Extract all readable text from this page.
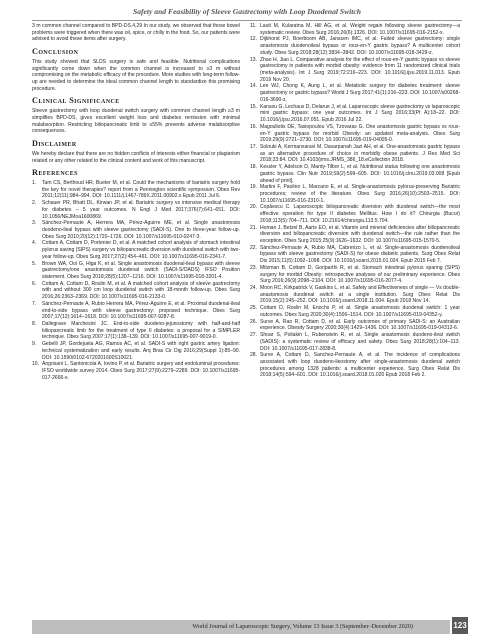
Safety and Feasibility of Sleeve Gastrectomy with Loop Duodenal Switch

3 m common channel compared to BPD-DS.4,29 In our study, we observed that those bowel problems were triggered when there was oil, spice, or chilly in the food. So, our patients were advised to avoid these items after surgery.

Conclusion

This study showed that SLDS surgery is safe and feasible. Nutritional complications significantly come down when the common channel is increased to ≥3 m without compromising on the metabolic efficacy of the procedure. More studies with long-term follow-up are needed to determine the ideal common channel length to standardize this promising procedure.

Clinical Significance

Sleeve gastrectomy with loop duodenal switch surgery with common channel length ≥3 m simplifies BPD-DS, gives excellent weight loss and diabetes remission with minimal malabsorption. Restricting biliopancreatic limb to ≤55% prevents adverse malabsorptive consequences.

Disclaimer

We hereby declare that there are no hidden conflicts of interests either financial or plagiarism related or any other related to the clinical content and work of this manuscript.

References
1.	Tam CS, Berthoud HR, Bueter M, et al. Could the mechanisms of bariatric surgery hold the key for novel therapies? report from a Pennington scientific symposium. Obes Rev 2011;12(11):984–994. DOI: 10.1111/j.1467-789X.2011.00902.x Epub 2011 Jul 6.
2.	Schauer PR, Bhatt DL, Kirwan JP, et al. Bariatric surgery vs intensive medical therapy for diabetes – 5 year outcomes. N Engl J Med 2017;376(7):641–651. DOI: 10.1056/NEJMoa1600869.
3.	Sánchez-Pernaute A, Herrera MA, Pérez-Aguirre ME, et al. Single anastomosis duodeno-ileal bypass with sleeve gastrectomy (SADI-S). One to three-year follow-up. Obes Surg 2010;20(12):1720–1726. DOI: 10.1007/s11695-010-0247-3.
4.	Cottam A, Cottam D, Portenier D, et al. A matched cohort analysis of stomach intestinal pylorus saving (SIPS) surgery vs biliopancreatic diversion with duodenal switch with two-year follow-up. Obes Surg 2017;27(2):454–461. DOI: 10.1007/s11695-016-2341-7.
5.	Brown WA, Ooi G, Higa K, et al. Single anastomosis duodenal-ileal bypass with sleeve gastrectomy/one anastomosis duodenal switch (SADI-S/OADS) IFSO Position statement. Obes Surg 2018;28(5):1207–1216. DOI: 10.1007/s11695-018-3201-4.
6.	Cottam A, Cottam D, Roslin M, et al. A matched cohort analysis of sleeve gastrectomy with and without 300 cm loop duodenal switch with 18-month follow-up. Obes Surg 2016;26:2363–2369. DOI: 10.1007/s11695-016-2133-0.
7.	Sánchez-Pernaute A, Rubio Herrera MA, Pérez-Aguirre E, et al. Proximal duodenal-ileal end-to-side bypass with sleeve gastrectomy: proposed technique. Obes Surg 2007;17(12):1614–1618. DOI: 10.1007/s11695-007-9287-8.
8.	Dallegrave Marchesini JC. End-to-side duodeno-jejunostomy with half-and-half biliopancreatic limb for the treatment of type II diabetes: a proposal for a SIMPLER technique. Obes Surg 2007;17(1):138–139. DOI: 10.1007/s11695-007-9019-0.
9.	Gebelli JP, Gordejuela AG, Ramos AC, et al. SADI-S with right gastric artery ligation: technical systematization and early results. Arq Bras Cir Dig 2016;29(Suppl 1):85–90. DOI: 10.1590/0102-6720201600S10021.
10. Angrisani L, Santonicola A, Iovino P, et al. Bariatric surgery and endoluminal procedures: IFSO worldwide survey 2014. Obes Surg 2017;27(9):2279–2289. DOI: 10.1007/s11695-017-2666-x.
11. Lauti M, Kularatna M, Hill AG, et al. Weight regain following sleeve gastrectomy—a systematic review. Obes Surg 2016;26(6):1326. DOI: 10.1007/s11695-016-2152-x.
12. Dijkhorst PJ, Boerboom AB, Janssen IMC, et al. Failed sleeve gastrectomy: single anastomosis duodenoileal bypass or roux-en-Y gastric bypass? A multicenter cohort study. Obes Surg 2018;28(12):3834–3842. DOI: 10.1007/s11695-018-3429-z.
13. Zhao H, Jiao L. Comparative analysis for the effect of roux-en-Y gastric bypass vs sleeve gastrectomy in patients with morbid obesity: evidence from 11 randomized clinical trials (meta-analysis). Int J Surg 2019;72:216–223. DOI: 10.1016/j.ijsu.2019.11.013. Epub 2019 Nov 20.
14. Lee WJ, Chong K, Aung L, et al. Metabolic surgery for diabetes treatment: sleeve gastrectomy or gastric bypass? World J Surg 2017;41(1):216–223. DOI: 10.1007/s00268-016-3690-z.
15. Kansou G, Lechaux D, Delarue J, et al. Laparoscopic sleeve gastrectomy vs laparoscopic mini gastric bypass: one year outcomes. Int J Surg 2016;33(Pt A):18–22. DOI: 10.1016/j.ijsu.2016.07.051. Epub 2016 Jul 22.
16. Magouliotis DE, Tasiopoulou VS, Tzovaras G. One anastomosis gastric bypass vs roux-en-Y gastric bypass for morbid Obesity: an updated meta-analysis. Obes Surg 2019;29(9):2721–2730. DOI: 10.1007/s11695-019-04005-0.
17. Solouki A, Kermansaravi M, Davarpanah Jazi AH, et al. One-anastomosis gastric bypass as an alternative procedure of choice in morbidly obese patients. J Res Med Sci 2018;23:84. DOI: 10.4103/jrms.JRMS_386_18.eCollection 2018.
18. Kessler Y, Adelson D, Mardy-Tilbor L, et al. Nutritional status following one anastomosis gastric bypass. Clin Nutr 2019;S9(2):599–605. DOI: 10.1016/j.clnu.2019.03.008 [Epub ahead of print].
19. Martini F, Paolino L, Marzano E, et al. Single-anastomosis pylorus-preserving Bariatric procedures; review of the literature. Obes Surg 2016;26(10):2503–2515. DOI: 10.1007/s11695-016-2310-1.
20. Copăescu C. Laparoscopic biliopancreatic diversion with duodenal switch—the most effective operation for type II diabetes Mellitus. How I do it? Chirurgia (Bucur) 2018;113(5):704–711. DOI: 10.21614/chirurgia.113.5.704.
21. Homan J, Betzel B, Aarts EO, et al. Vitamin and mineral deficiencies after biliopancreatic diversion and biliopancreatic diversion with duodenal switch—the rule rather than the exception. Obes Surg 2015;25(9):1626–1632. DOI: 10.1007/s11695-015-1570-5.
22. Sánchez-Pernaute A, Rubio MÁ, Cabrerizo L, et al. Single-anastomosis duodenoileal bypass with sleeve gastrectomy (SADI-S) for obese diabetic patients. Surg Obes Relat Dis 2015;11(5):1092–1098. DOI: 10.1016/j.soard.2015.01.024. Epub 2015 Feb 7.
23. Mitzman B, Cottam D, Goriparthi R, et al. Stomach intestinal pylorus sparing (SIPS) surgery for morbid Obesity: retrospective analyses of our preliminary experience. Obes Surg 2016;26(9):2098–2104. DOI: 10.1007/s11695-016-2077-4.
24. Moon RC, Kirkpatrick V, Gaskins L, et al. Safety and Effectiveness of single — Vs double-anastomosis duodenal switch at a single institution. Surg Obes Relat Dis 2019;15(2):245–252. DOI: 10.1016/j.soard.2018.11.004. Epub 2018 Nov 14.
25. Cottam D, Roslin M, Enochs P, et al. Single anastomosis duodenal switch: 1 year outcomes. Obes Surg 2020;30(4):1506–1514. DOI: 10.1007/s11695-019-04352-y.
26. Surve A, Rao R, Cottam D, et al. Early outcomes of primary SADI-S: an Australian experience. Obesity Surgery 2020;30(4):1429–1436. DOI: 10.1007/s11695-019-04312-6.
27. Shoar S, Poliakin L, Rubenstein R, et al. Single anastomosis duodeno-ileal switch (SADIS): a systematic review of efficacy and safety. Obes Surg 2018;28(1):104–113. DOI: 10.1007/s11695-017-2838-8.
28. Surve A, Cottam D, Sanchez-Pernaute A, et al. The incidence of complications associated with loop duodeno-ileostomy after single-anastomosis duodenal switch procedures among 1328 patients: a multicenter experience. Surg Obes Relat Dis 2018;14(5):594–601. DOI: 10.1016/j.soard.2018.01.020 Epub 2018 Feb 2.
World Journal of Laparoscopic Surgery, Volume 13 Issue 3 (September–December 2020)	123
